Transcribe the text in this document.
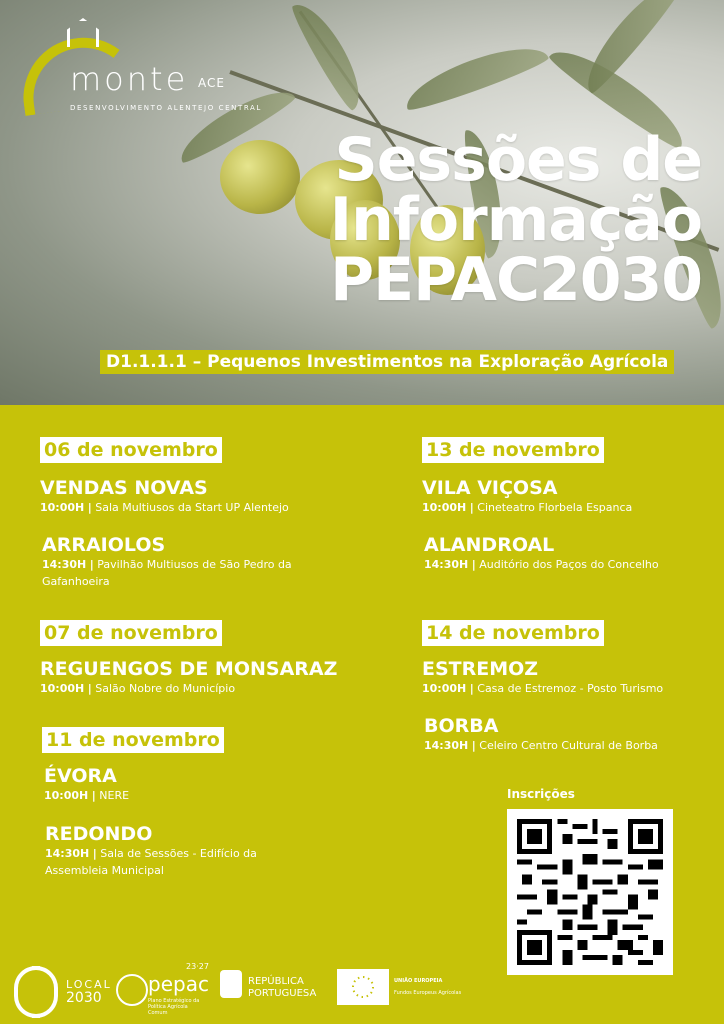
monte ACE
DESENVOLVIMENTO ALENTEJO CENTRAL
Sessões de
Informação
PEPAC2030
D1.1.1.1 – Pequenos Investimentos na Exploração Agrícola
06 de novembro
VENDAS NOVAS
10:00H | Sala Multiusos da Start UP Alentejo
ARRAIOLOS
14:30H | Pavilhão Multiusos de São Pedro da Gafanhoeira
07 de novembro
REGUENGOS DE MONSARAZ
10:00H | Salão Nobre do Município
11 de novembro
ÉVORA
10:00H | NERE
REDONDO
14:30H | Sala de Sessões - Edifício da Assembleia Municipal
13 de novembro
VILA VIÇOSA
10:00H | Cineteatro Florbela Espanca
ALANDROAL
14:30H | Auditório dos Paços do Concelho
14 de novembro
ESTREMOZ
10:00H | Casa de Estremoz - Posto Turismo
BORBA
14:30H | Celeiro Centro Cultural de Borba
Inscrições
LOCAL
2030
pepac
23·27
Plano Estratégico da Política Agrícola Comum
REPÚBLICA
PORTUGUESA
UNIÃO EUROPEIA
Fundos Europeus Agrícolas
